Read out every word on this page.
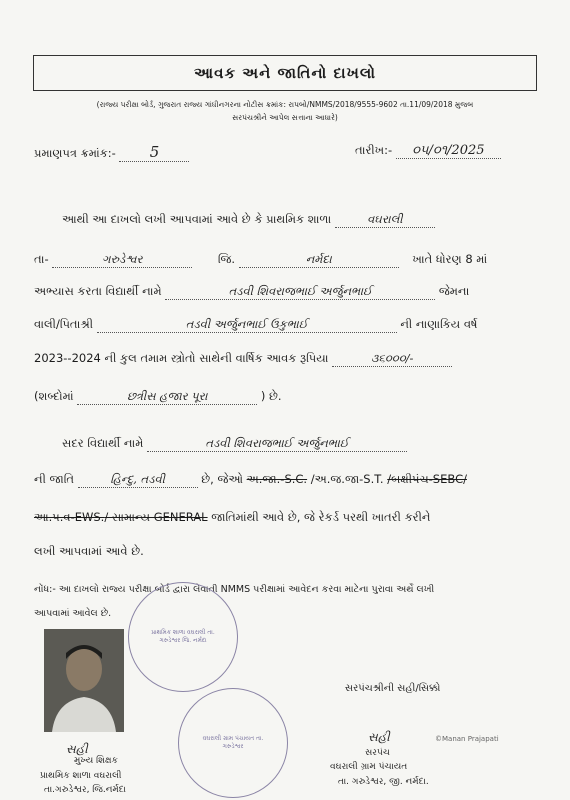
આવક અને જાતિનો દાખલો
(રાજ્ય પરીક્ષા બોર્ડ, ગુજરાત રાજ્ય ગાંધીનગરના નોટીસ ક્રમાંક: રાપબો/NMMS/2018/9555-9602 તા.11/09/2018 મુજબ
સરપંચશ્રીને આપેલ સત્તાના આધારે)
પ્રમાણપત્ર ક્રમાંક:- 5	તારીખ:- ૦૫/૦૧/2025
આથી આ દાખલો લખી આપવામાં આવે છે કે પ્રાથમિક શાળા	વઘરાલી
તા-	ગરુડેશ્વર	જિ.	નર્મદા	ખાતે ધોરણ 8 માં
અભ્યાસ કરતા વિદ્યાર્થી નામે	તડવી શિવરાજભાઈ અર્જુનભાઈ	જેમના
વાલી/પિતાશ્રી	તડવી અર્જુનભાઈ ઉકુભાઈ	ની નાણાકિય વર્ષ
2023--2024 ની કુલ તમામ સ્ત્રોતો સાથેની વાર્ષિક આવક રૂપિયા	૩૬૦૦૦/-
(શબ્દોમાં	છત્રીસ હજાર પૂરા	) છે.
સદર વિદ્યાર્થી નામે	તડવી શિવરાજભાઈ અર્જુનભાઈ
ની જાતિ	હિન્દુ, તડવી	છે, જેઓ અ.જા.-S.C. /અ.જ.જા-S.T. /બક્ષીપંચ-SEBC/
આ.પ.વ-EWS./ સામાન્ય GENERAL જાતિમાંથી આવે છે, જે રેકર્ડ પરથી ખાતરી કરીને
લખી આપવામાં આવે છે.
નોંધ:- આ દાખલો રાજ્ય પરીક્ષા બોર્ડ દ્વારા લેવાતી NMMS પરીક્ષામાં આવેદન કરવા માટેના પુરાવા અર્થે લખી
આપવામાં આવેલ છે.
પ્રાથમિક શાળા વઘરાલી તા. ગરુડેશ્વર જિ. નર્મદા
સહી
મુખ્ય શિક્ષક
પ્રાથમિક શાળા વઘરાલી
તા.ગરુડેશ્વર, જિ.નર્મદા
વઘરાલી ગ્રામ પંચાયત તા. ગરુડેશ્વર
સરપંચશ્રીની સહી/સિક્કો
સહી	©Manan Prajapati
સરપંચ
વઘરાલી ગ્રામ પંચાયત
તા. ગરુડેશ્વર, જી. નર્મદા.
